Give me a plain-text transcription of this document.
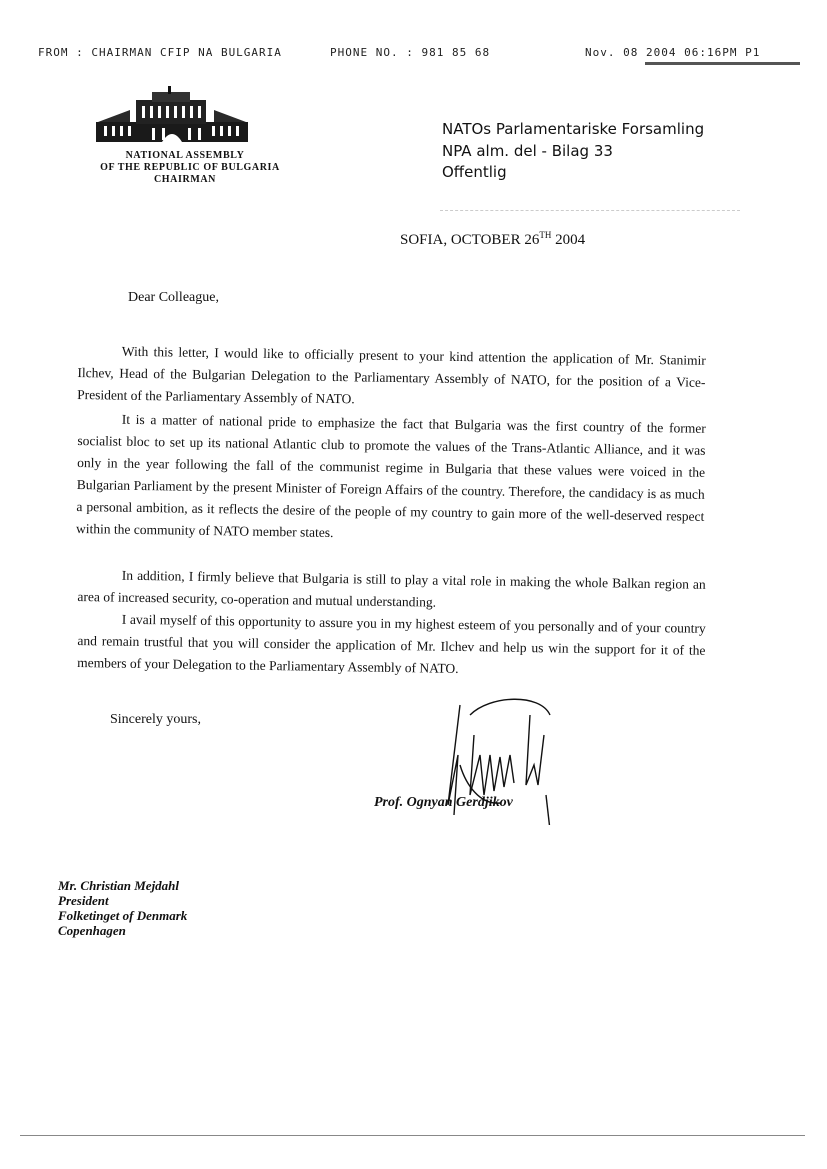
FROM : CHAIRMAN CFIP NA BULGARIA	PHONE NO. : 981 85 68	Nov. 08 2004 06:16PM P1
NATIONAL ASSEMBLY
OF THE REPUBLIC OF BULGARIA
CHAIRMAN
NATOs Parlamentariske Forsamling
NPA alm. del - Bilag 33
Offentlig
SOFIA, OCTOBER 26TH 2004
Dear Colleague,

With this letter, I would like to officially present to your kind attention the application of Mr. Stanimir Ilchev, Head of the Bulgarian Delegation to the Parliamentary Assembly of NATO, for the position of a Vice-President of the Parliamentary Assembly of NATO.

It is a matter of national pride to emphasize the fact that Bulgaria was the first country of the former socialist bloc to set up its national Atlantic club to promote the values of the Trans-Atlantic Alliance, and it was only in the year following the fall of the communist regime in Bulgaria that these values were voiced in the Bulgarian Parliament by the present Minister of Foreign Affairs of the country. Therefore, the candidacy is as much a personal ambition, as it reflects the desire of the people of my country to gain more of the well-deserved respect within the community of NATO member states.

In addition, I firmly believe that Bulgaria is still to play a vital role in making the whole Balkan region an area of increased security, co-operation and mutual understanding.

I avail myself of this opportunity to assure you in my highest esteem of you personally and of your country and remain trustful that you will consider the application of Mr. Ilchev and help us win the support for it of the members of your Delegation to the Parliamentary Assembly of NATO.

Sincerely yours,
Prof. Ognyan Gerdjikov
Mr. Christian Mejdahl
President
Folketinget of Denmark
Copenhagen
